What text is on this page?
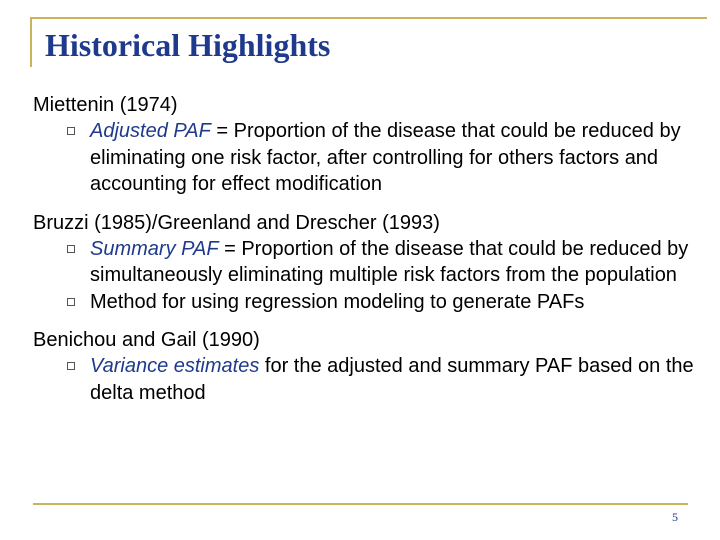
Historical Highlights
Miettenin (1974)
Adjusted PAF = Proportion of the disease that could be reduced by eliminating one risk factor, after controlling for others factors and accounting for effect modification
Bruzzi (1985)/Greenland and Drescher (1993)
Summary PAF = Proportion of the disease that could be reduced by simultaneously eliminating multiple risk factors from the population
Method for using regression modeling to generate PAFs
Benichou and Gail (1990)
Variance estimates for the adjusted and summary PAF based on the delta method
5
